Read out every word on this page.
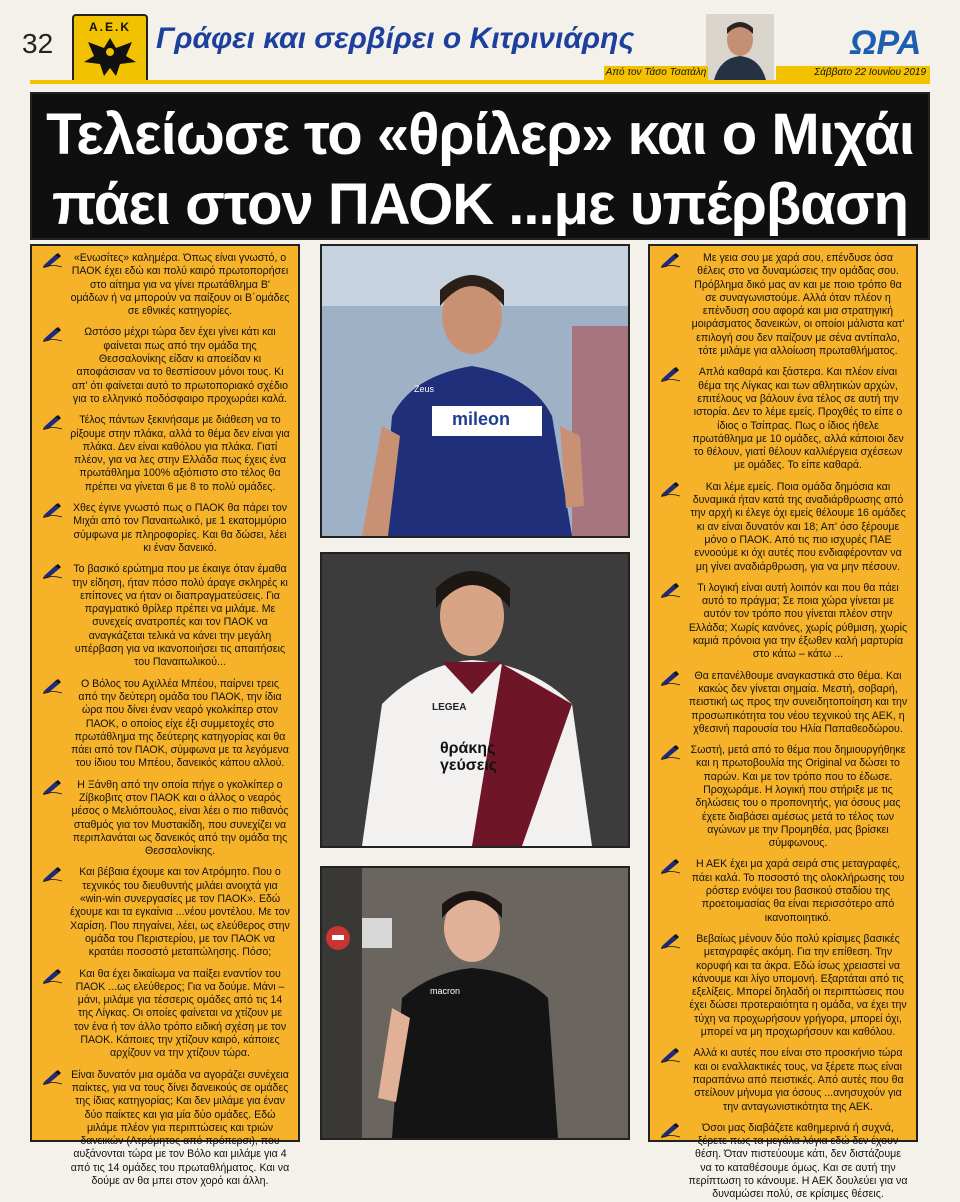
32
Α.Ε.Κ Γράφει και σερβίρει ο Κιτρινιάρης
Από τον Τάσο Τσατάλη
ΩΡΑ
Σάββατο 22 Ιουνίου 2019
Τελείωσε το «θρίλερ» και ο Μιχάι
πάει στον ΠΑΟΚ ...με υπέρβαση

«Ενωσίτες» καλημέρα. Όπως είναι γνωστό, ο ΠΑΟΚ έχει εδώ και πολύ καιρό πρωτοπορήσει στο αίτημα για να γίνει πρωτάθλημα Β' ομάδων ή να μπορούν να παίξουν οι Β΄ομάδες σε εθνικές κατηγορίες.

Ωστόσο μέχρι τώρα δεν έχει γίνει κάτι και φαίνεται πως από την ομάδα της Θεσσαλονίκης είδαν κι αποείδαν κι αποφάσισαν να το θεσπίσουν μόνοι τους. Κι απ' ότι φαίνεται αυτό το πρωτοποριακό σχέδιο για το ελληνικό ποδόσφαιρο προχωράει καλά.

Τέλος πάντων ξεκινήσαμε με διάθεση να το ρίξουμε στην πλάκα, αλλά το θέμα δεν είναι για πλάκα. Δεν είναι καθόλου για πλάκα. Γιατί πλέον, για να λες στην Ελλάδα πως έχεις ένα πρωτάθλημα 100% αξιόπιστο στο τέλος θα πρέπει να γίνεται 6 με 8 το πολύ ομάδες.

Χθες έγινε γνωστό πως ο ΠΑΟΚ θα πάρει τον Μιχάι από τον Παναιτωλικό, με 1 εκατομμύριο σύμφωνα με πληροφορίες. Και θα δώσει, λέει κι έναν δανεικό.

Το βασικό ερώτημα που με έκαιγε όταν έμαθα την είδηση, ήταν πόσο πολύ άραγε σκληρές κι επίπονες να ήταν οι διαπραγματεύσεις. Για πραγματικό θρίλερ πρέπει να μιλάμε. Με συνεχείς ανατροπές και τον ΠΑΟΚ να αναγκάζεται τελικά να κάνει την μεγάλη υπέρβαση για να ικανοποιήσει τις απαιτήσεις του Παναιτωλικού...

Ο Βόλος του Αχιλλέα Μπέου, παίρνει τρεις από την δεύτερη ομάδα του ΠΑΟΚ, την ίδια ώρα που δίνει έναν νεαρό γκολκίπερ στον ΠΑΟΚ, ο οποίος είχε έξι συμμετοχές στο πρωτάθλημα της δεύτερης κατηγορίας και θα πάει από τον ΠΑΟΚ, σύμφωνα με τα λεγόμενα του ίδιου του Μπέου, δανεικός κάπου αλλού.

Η Ξάνθη από την οποία πήγε ο γκολκίπερ ο Ζίβκοβιτς στον ΠΑΟΚ και ο άλλος ο νεαρός μέσος ο Μελιόπουλος, είναι λέει ο πιο πιθανός σταθμός για τον Μυστακίδη, που συνεχίζει να περιπλανάται ως δανεικός από την ομάδα της Θεσσαλονίκης.

Και βέβαια έχουμε και τον Ατρόμητο. Που ο τεχνικός του διευθυντής μιλάει ανοιχτά για «win-win συνεργασίες με τον ΠΑΟΚ». Εδώ έχουμε και τα εγκαίνια ...νέου μοντέλου. Με τον Χαρίση. Που πηγαίνει, λέει, ως ελεύθερος στην ομάδα του Περιστερίου, με τον ΠΑΟΚ να κρατάει ποσοστό μεταπώλησης. Πόσο;

Και θα έχει δικαίωμα να παίξει εναντίον του ΠΑΟΚ ...ως ελεύθερος; Για να δούμε. Μάνι – μάνι, μιλάμε για τέσσερις ομάδες από τις 14 της Λίγκας. Οι οποίες φαίνεται να χτίζουν με τον ένα ή τον άλλο τρόπο ειδική σχέση με τον ΠΑΟΚ. Κάποιες την χτίζουν καιρό, κάποιες αρχίζουν να την χτίζουν τώρα.

Είναι δυνατόν μια ομάδα να αγοράζει συνέχεια παίκτες, για να τους δίνει δανεικούς σε ομάδες της ίδιας κατηγορίας; Και δεν μιλάμε για έναν δύο παίκτες και για μία δύο ομάδες. Εδώ μιλάμε πλέον για περιπτώσεις και τριών δανεικών (Ατρόμητος από πρόπερσι), που αυξάνονται τώρα με τον Βόλο και μιλάμε για 4 από τις 14 ομάδες του πρωταθλήματος. Και να δούμε αν θα μπει στον χορό και άλλη.

Με γεια σου με χαρά σου, επένδυσε όσα θέλεις στο να δυναμώσεις την ομάδας σου. Πρόβλημα δικό μας αν και με ποιο τρόπο θα σε συναγωνιστούμε. Αλλά όταν πλέον η επένδυση σου αφορά και μια στρατηγική μοιράσματος δανεικών, οι οποίοι μάλιστα κατ' επιλογή σου δεν παίζουν με σένα αντίπαλο, τότε μιλάμε για αλλοίωση πρωταθλήματος.

Απλά καθαρά και ξάστερα. Και πλέον είναι θέμα της Λίγκας και των αθλητικών αρχών, επιτέλους να βάλουν ένα τέλος σε αυτή την ιστορία. Δεν το λέμε εμείς. Προχθές το είπε ο ίδιος ο Τσίπρας. Πως ο ίδιος ήθελε πρωτάθλημα με 10 ομάδες, αλλά κάποιοι δεν το θέλουν, γιατί θέλουν καλλιέργεια σχέσεων με ομάδες. Το είπε καθαρά.

Και λέμε εμείς. Ποια ομάδα δημόσια και δυναμικά ήταν κατά της αναδιάρθρωσης από την αρχή κι έλεγε όχι εμείς θέλουμε 16 ομάδες κι αν είναι δυνατόν και 18; Απ' όσο ξέρουμε μόνο ο ΠΑΟΚ. Από τις πιο ισχυρές ΠΑΕ εννοούμε κι όχι αυτές που ενδιαφέρονταν να μη γίνει αναδιάρθρωση, για να μην πέσουν.

Τι λογική είναι αυτή λοιπόν και που θα πάει αυτό το πράγμα; Σε ποια χώρα γίνεται με αυτόν τον τρόπο που γίνεται πλέον στην Ελλάδα; Χωρίς κανόνες, χωρίς ρύθμιση, χωρίς καμιά πρόνοια για την έξωθεν καλή μαρτυρία στο κάτω – κάτω ...

Θα επανέλθουμε αναγκαστικά στο θέμα. Και κακώς δεν γίνεται σημαία. Μεστή, σοβαρή, πειστική ως προς την συνειδητοποίηση και την προσωπικότητα του νέου τεχνικού της ΑΕΚ, η χθεσινή παρουσία του Ηλία Παπαθεοδώρου.

Σωστή, μετά από το θέμα που δημιουργήθηκε και η πρωτοβουλία της Original να δώσει το παρών. Και με τον τρόπο που το έδωσε. Προχωράμε. Η λογική που στήριξε με τις δηλώσεις του ο προπονητής, για όσους μας έχετε διαβάσει αμέσως μετά το τέλος των αγώνων με την Προμηθέα, μας βρίσκει σύμφωνους.

Η ΑΕΚ έχει μα χαρά σειρά στις μεταγραφές, πάει καλά. Το ποσοστό της ολοκλήρωσης του ρόστερ ενόψει του βασικού σταδίου της προετοιμασίας θα είναι περισσότερο από ικανοποιητικό.

Βεβαίως μένουν δύο πολύ κρίσιμες βασικές μεταγραφές ακόμη. Για την επίθεση. Την κορυφή και τα άκρα. Εδώ ίσως χρειαστεί να κάνουμε και λίγο υπομονή. Εξαρτάται από τις εξελίξεις. Μπορεί δηλαδή οι περιπτώσεις που έχει δώσει προτεραιότητα η ομάδα, να έχει την τύχη να προχωρήσουν γρήγορα, μπορεί όχι, μπορεί να μη προχωρήσουν και καθόλου.

Αλλά κι αυτές που είναι στο προσκήνιο τώρα και οι εναλλακτικές τους, να ξέρετε πως είναι παραπάνω από πειστικές. Από αυτές που θα στείλουν μήνυμα για όσους ...ανησυχούν για την ανταγωνιστικότητα της ΑΕΚ.

Όσοι μας διαβάζετε καθημερινά ή συχνά, ξέρετε πως τα μεγάλα λόγια εδώ δεν έχουν θέση. Όταν πιστεύουμε κάτι, δεν διστάζουμε να το καταθέσουμε όμως. Και σε αυτή την περίπτωση το κάνουμε. Η ΑΕΚ δουλεύει για να δυναμώσει πολύ, σε κρίσιμες θέσεις.

mileon
Zeus
LEGEA
θράκης γεύσεις
macron
